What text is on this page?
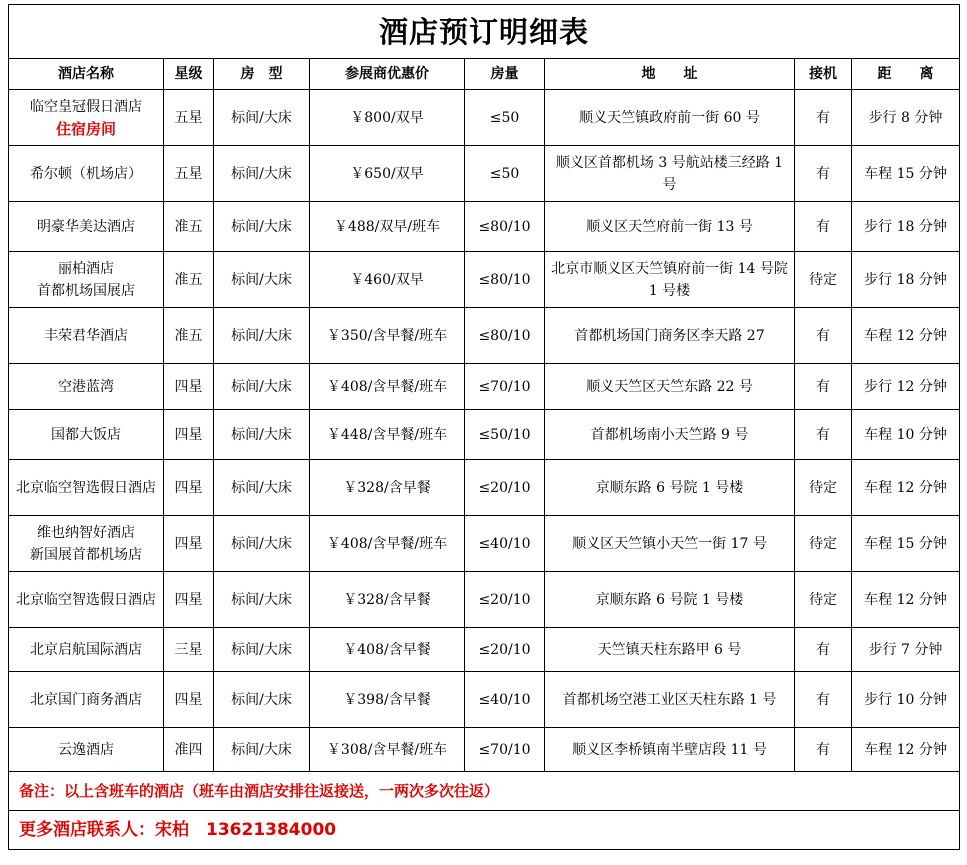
酒店预订明细表							
酒店名称	星级	房　型	参展商优惠价	房量	地　　址	接机	距　　离

临空皇冠假日酒店
住宿房间	五星	标间/大床	￥800/双早	≤50	顺义天竺镇政府前一街 60 号	有	步行 8 分钟

希尔顿（机场店）	五星	标间/大床	￥650/双早	≤50	顺义区首都机场 3 号航站楼三经路 1 号	有	车程 15 分钟

明豪华美达酒店	准五	标间/大床	￥488/双早/班车	≤80/10	顺义区天竺府前一街 13 号	有	步行 18 分钟

丽柏酒店
首都机场国展店	准五	标间/大床	￥460/双早	≤80/10	北京市顺义区天竺镇府前一街 14 号院 1 号楼	待定	步行 18 分钟

丰荣君华酒店	准五	标间/大床	￥350/含早餐/班车	≤80/10	首都机场国门商务区李天路 27	有	车程 12 分钟

空港蓝湾	四星	标间/大床	￥408/含早餐/班车	≤70/10	顺义天竺区天竺东路 22 号	有	步行 12 分钟

国都大饭店	四星	标间/大床	￥448/含早餐/班车	≤50/10	首都机场南小天竺路 9 号	有	车程 10 分钟

北京临空智选假日酒店	四星	标间/大床	￥328/含早餐	≤20/10	京顺东路 6 号院 1 号楼	待定	车程 12 分钟

维也纳智好酒店
新国展首都机场店	四星	标间/大床	￥408/含早餐/班车	≤40/10	顺义区天竺镇小天竺一街 17 号	待定	车程 15 分钟

北京临空智选假日酒店	四星	标间/大床	￥328/含早餐	≤20/10	京顺东路 6 号院 1 号楼	待定	车程 12 分钟

北京启航国际酒店	三星	标间/大床	￥408/含早餐	≤20/10	天竺镇天柱东路甲 6 号	有	步行 7 分钟

北京国门商务酒店	四星	标间/大床	￥398/含早餐	≤40/10	首都机场空港工业区天柱东路 1 号	有	步行 10 分钟

云逸酒店	准四	标间/大床	￥308/含早餐/班车	≤70/10	顺义区李桥镇南半壁店段 11 号	有	车程 12 分钟
备注：以上含班车的酒店（班车由酒店安排往返接送，一两次多次往返）							
更多酒店联系人：宋柏　13621384000							
